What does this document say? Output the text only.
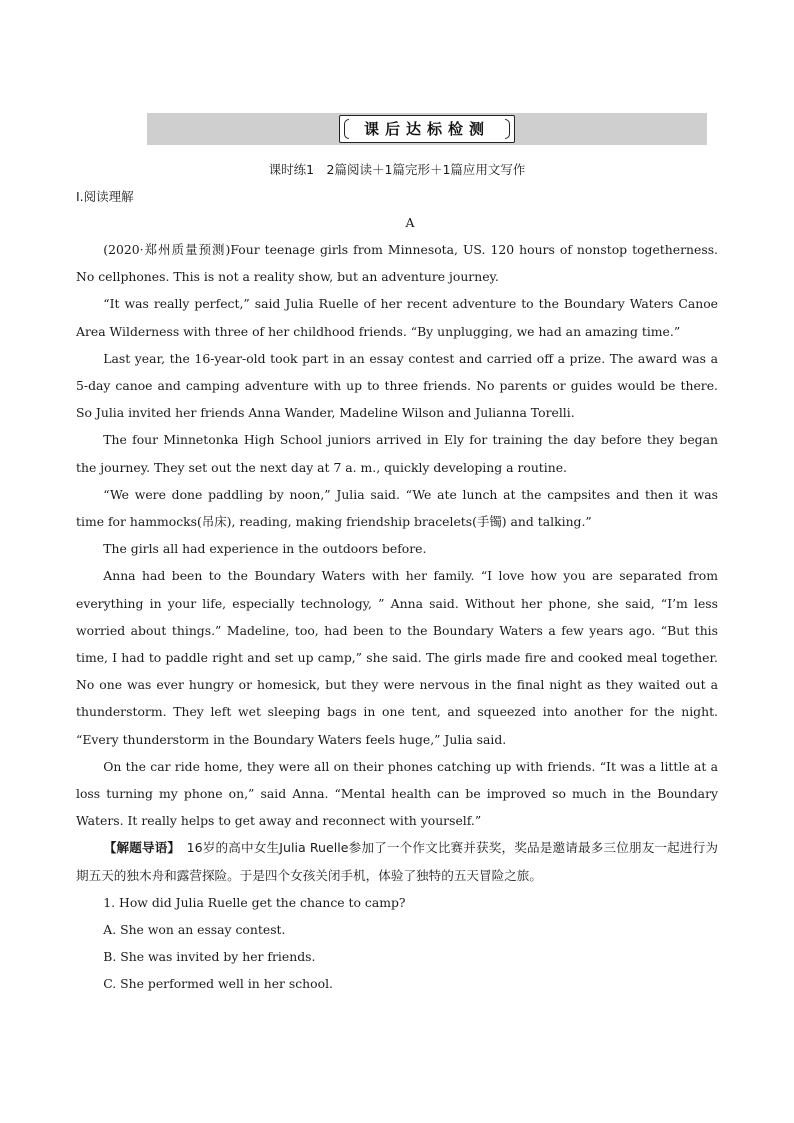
课后达标检测
课时练1　2篇阅读＋1篇完形＋1篇应用文写作
Ⅰ.阅读理解
A

(2020·郑州质量预测)Four teenage girls from Minnesota, US. 120 hours of nonstop togetherness. No cellphones. This is not a reality show, but an adventure journey.

“It was really perfect,” said Julia Ruelle of her recent adventure to the Boundary Waters Canoe Area Wilderness with three of her childhood friends. “By unplugging, we had an amazing time.”

Last year, the 16-year-old took part in an essay contest and carried off a prize. The award was a 5-day canoe and camping adventure with up to three friends. No parents or guides would be there. So Julia invited her friends Anna Wander, Madeline Wilson and Julianna Torelli.

The four Minnetonka High School juniors arrived in Ely for training the day before they began the journey. They set out the next day at 7 a. m., quickly developing a routine.

“We were done paddling by noon,” Julia said. “We ate lunch at the campsites and then it was time for hammocks(吊床), reading, making friendship bracelets(手镯) and talking.”

The girls all had experience in the outdoors before.

Anna had been to the Boundary Waters with her family. “I love how you are separated from everything in your life, especially technology, ” Anna said. Without her phone, she said, “I’m less worried about things.” Madeline, too, had been to the Boundary Waters a few years ago. “But this time, I had to paddle right and set up camp,” she said. The girls made fire and cooked meal together. No one was ever hungry or homesick, but they were nervous in the final night as they waited out a thunderstorm. They left wet sleeping bags in one tent, and squeezed into another for the night. “Every thunderstorm in the Boundary Waters feels huge,” Julia said.

On the car ride home, they were all on their phones catching up with friends. “It was a little at a loss turning my phone on,” said Anna. “Mental health can be improved so much in the Boundary Waters. It really helps to get away and reconnect with yourself.”

【解题导语】　 16岁的高中女生Julia Ruelle参加了一个作文比赛并获奖，奖品是邀请最多三位朋友一起进行为期五天的独木舟和露营探险。于是四个女孩关闭手机，体验了独特的五天冒险之旅。

1. How did Julia Ruelle get the chance to camp?

A. She won an essay contest.

B. She was invited by her friends.

C. She performed well in her school.
